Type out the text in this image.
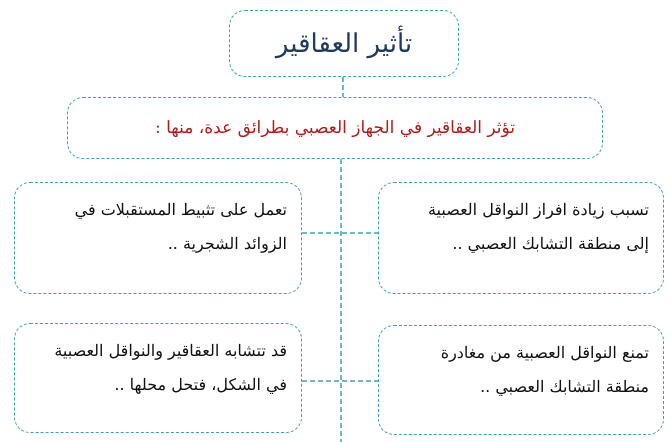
تأثير العقاقير
تؤثر العقاقير في الجهاز العصبي بطرائق عدة، منها :
تسبب زيادة افراز النواقل العصبية
إلى منطقة التشابك العصبي ..
تعمل على تثبيط المستقبلات في
الزوائد الشجرية ..
تمنع النواقل العصبية من مغادرة
منطقة التشابك العصبي ..
قد تتشابه العقاقير والنواقل العصبية
في الشكل، فتحل محلها ..
